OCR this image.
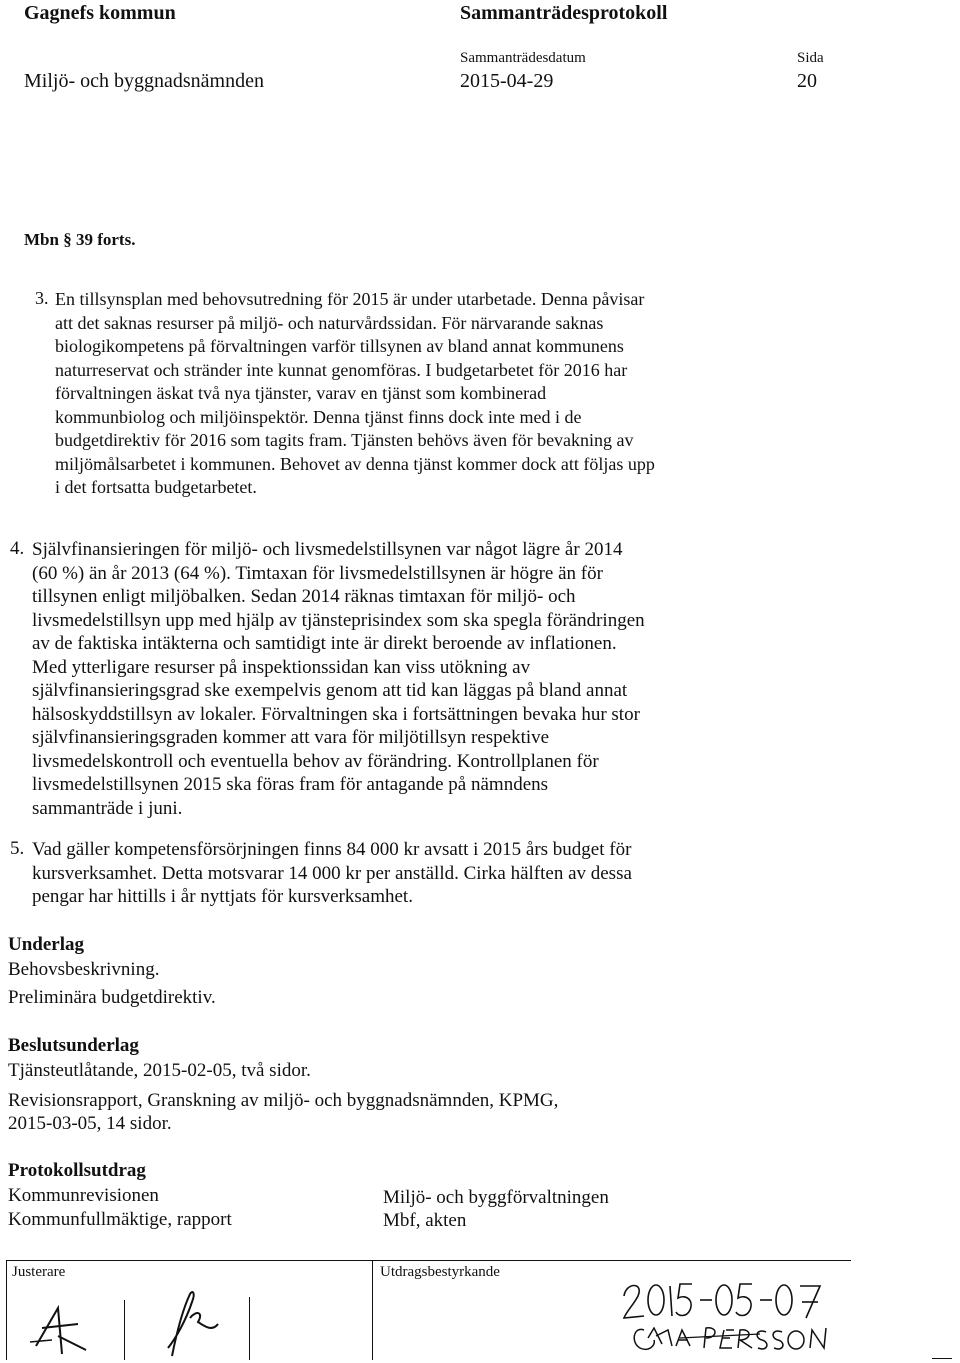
Gagnefs kommun	Sammanträdesprotokoll
Miljö- och byggnadsnämnden
Sammanträdesdatum
2015-04-29
Sida
20
Mbn § 39 forts.
3. En tillsynsplan med behovsutredning för 2015 är under utarbetade. Denna påvisar att det saknas resurser på miljö- och naturvårdssidan. För närvarande saknas biologikompetens på förvaltningen varför tillsynen av bland annat kommunens naturreservat och stränder inte kunnat genomföras. I budgetarbetet för 2016 har förvaltningen äskat två nya tjänster, varav en tjänst som kombinerad kommunbiolog och miljöinspektör. Denna tjänst finns dock inte med i de budgetdirektiv för 2016 som tagits fram. Tjänsten behövs även för bevakning av miljömålsarbetet i kommunen. Behovet av denna tjänst kommer dock att följas upp i det fortsatta budgetarbetet.
4. Självfinansieringen för miljö- och livsmedelstillsynen var något lägre år 2014 (60 %) än år 2013 (64 %). Timtaxan för livsmedelstillsynen är högre än för tillsynen enligt miljöbalken. Sedan 2014 räknas timtaxan för miljö- och livsmedelstillsyn upp med hjälp av tjänsteprisindex som ska spegla förändringen av de faktiska intäkterna och samtidigt inte är direkt beroende av inflationen. Med ytterligare resurser på inspektionssidan kan viss utökning av självfinansieringsgrad ske exempelvis genom att tid kan läggas på bland annat hälsoskyddstillsyn av lokaler. Förvaltningen ska i fortsättningen bevaka hur stor självfinansieringsgraden kommer att vara för miljötillsyn respektive livsmedelskontroll och eventuella behov av förändring. Kontrollplanen för livsmedelstillsynen 2015 ska föras fram för antagande på nämndens sammanträde i juni.
5. Vad gäller kompetensförsörjningen finns 84 000 kr avsatt i 2015 års budget för kursverksamhet. Detta motsvarar 14 000 kr per anställd. Cirka hälften av dessa pengar har hittills i år nyttjats för kursverksamhet.
Underlag
Behovsbeskrivning.
Preliminära budgetdirektiv.
Beslutsunderlag
Tjänsteutlåtande, 2015-02-05, två sidor.
Revisionsrapport, Granskning av miljö- och byggnadsnämnden, KPMG,
2015-03-05, 14 sidor.
Protokollsutdrag
Kommunrevisionen
Kommunfullmäktige, rapport
Miljö- och byggförvaltningen
Mbf, akten
Justerare	Utdragsbestyrkande
